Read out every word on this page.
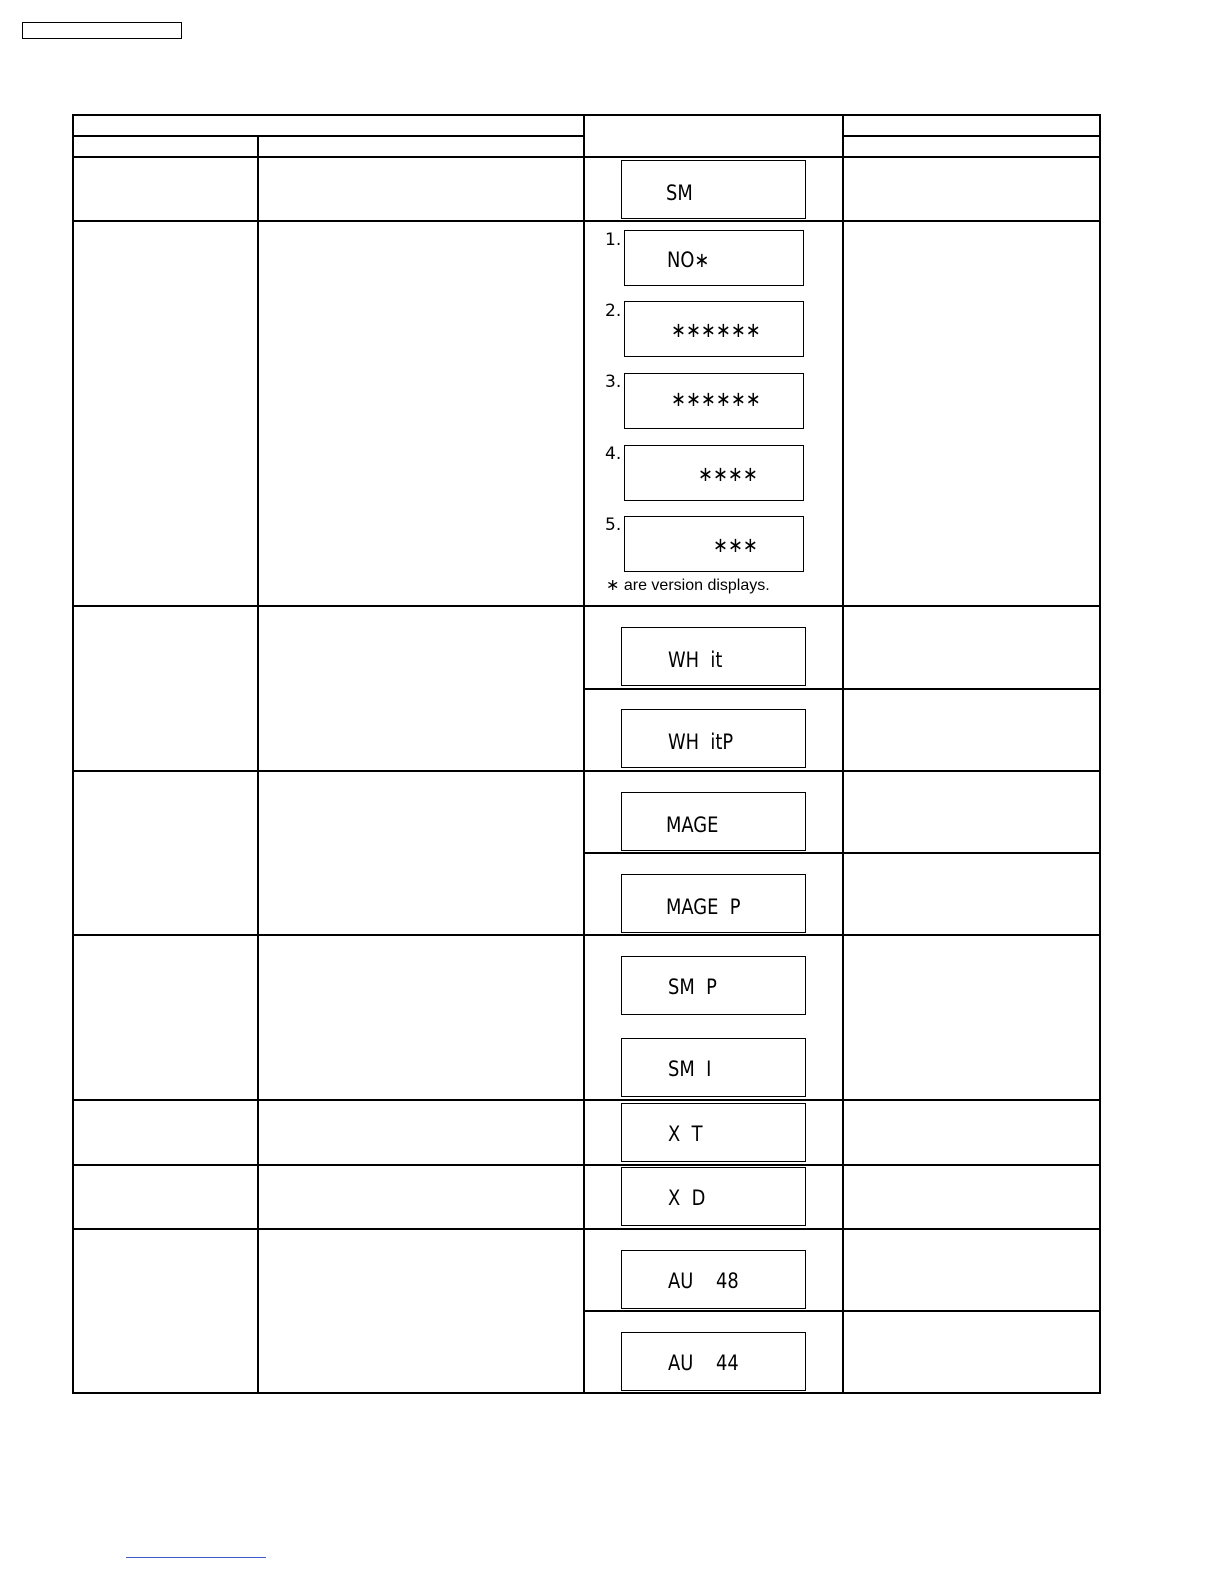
SM
1.
NO∗
2.
∗∗∗∗∗∗
3.
∗∗∗∗∗∗
4.
∗∗∗∗
5.
∗∗∗
∗ are version displays.
WH  it
WH  itP
MAGE
MAGE  P
SM  P
SM  I
X  T
X  D
AU    48
AU    44
